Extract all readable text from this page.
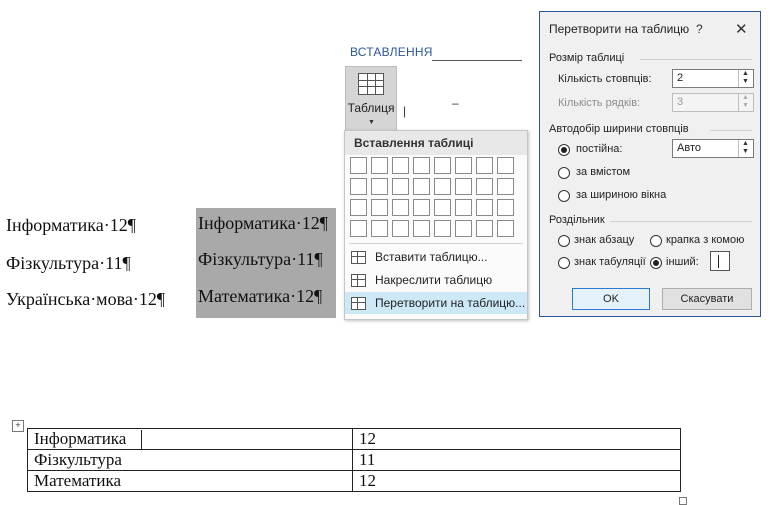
Інформатика·12¶
Фізкультура·11¶
Українська·мова·12¶
Інформатика·12¶
Фізкультура·11¶
Математика·12¶
ВСТАВЛЕННЯ
Таблиця
▼
|
–
Вставлення таблиці
Вставити таблицю...
Накреслити таблицю
Перетворити на таблицю...
Перетворити на таблицю ? ✕
Розмір таблиці
Кількість стовпців: 2	▲
▼
Кількість рядків:	3	▲
▼
Автодобір ширини стовпців
постійна:	Авто	▲
▼
за вмістом
за шириною вікна
Роздільник
знак абзацу	крапка з комою
знак табуляції інший:
OK	Скасувати
+
Інформатика	12
Фізкультура	11
Математика	12
